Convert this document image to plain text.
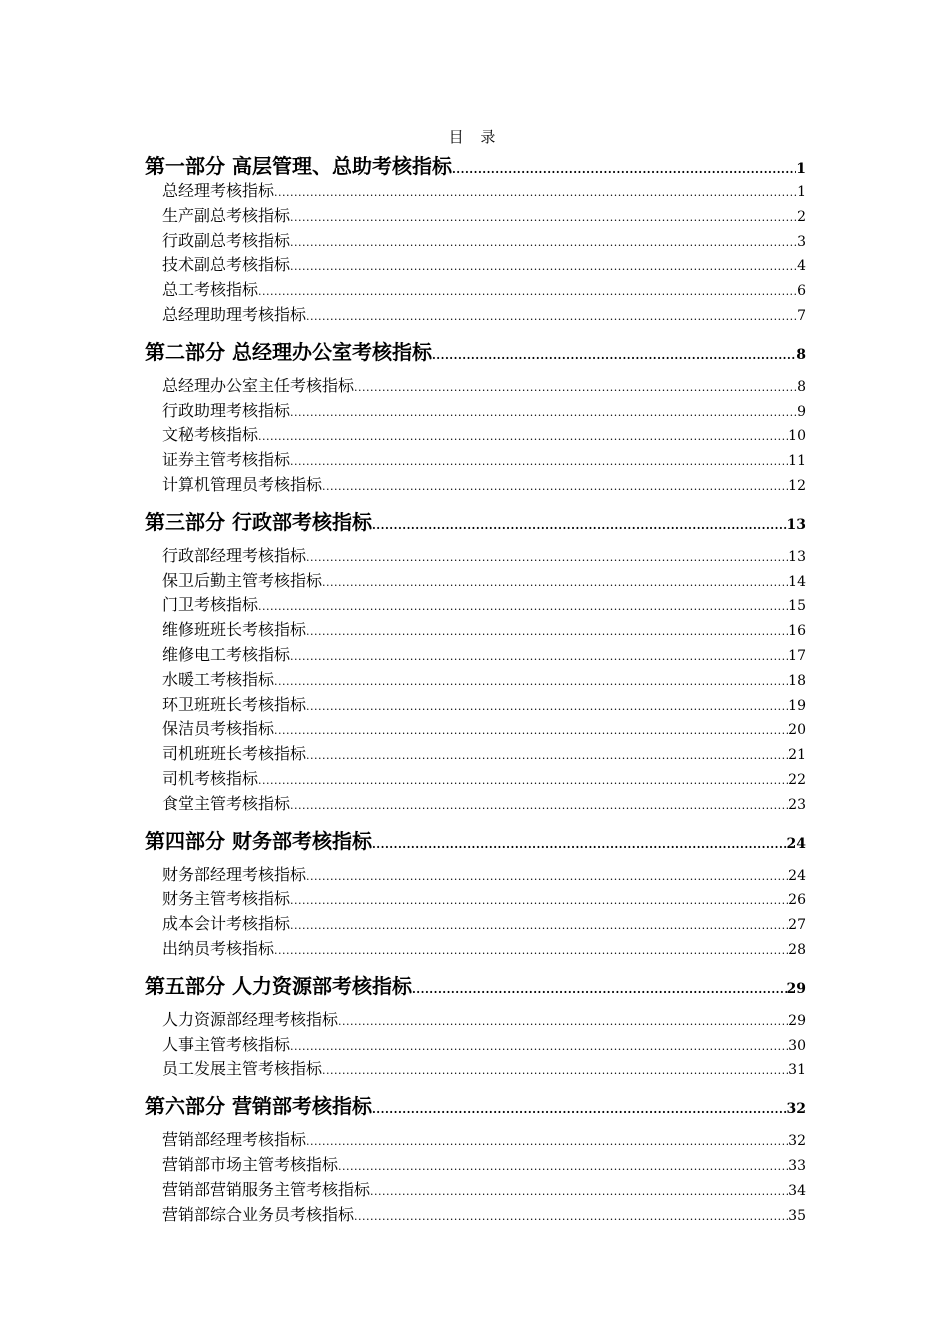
目 录
第一部分 高层管理、总助考核指标 .....	1
总经理考核指标 .....	1
生产副总考核指标 .....	2
行政副总考核指标 .....	3
技术副总考核指标 .....	4
总工考核指标 .....	6
总经理助理考核指标 .....	7
第二部分 总经理办公室考核指标 .....	8
总经理办公室主任考核指标 .....	8
行政助理考核指标 .....	9
文秘考核指标 .....	10
证券主管考核指标 .....	11
计算机管理员考核指标 .....	12
第三部分 行政部考核指标 .....	13
行政部经理考核指标 .....	13
保卫后勤主管考核指标 .....	14
门卫考核指标 .....	15
维修班班长考核指标 .....	16
维修电工考核指标 .....	17
水暖工考核指标 .....	18
环卫班班长考核指标 .....	19
保洁员考核指标 .....	20
司机班班长考核指标 .....	21
司机考核指标 .....	22
食堂主管考核指标 .....	23
第四部分 财务部考核指标 .....	24
财务部经理考核指标 .....	24
财务主管考核指标 .....	26
成本会计考核指标 .....	27
出纳员考核指标 .....	28
第五部分 人力资源部考核指标 .....	29
人力资源部经理考核指标 .....	29
人事主管考核指标 .....	30
员工发展主管考核指标 .....	31
第六部分 营销部考核指标 .....	32
营销部经理考核指标 .....	32
营销部市场主管考核指标 .....	33
营销部营销服务主管考核指标 .....	34
营销部综合业务员考核指标 .....	35
